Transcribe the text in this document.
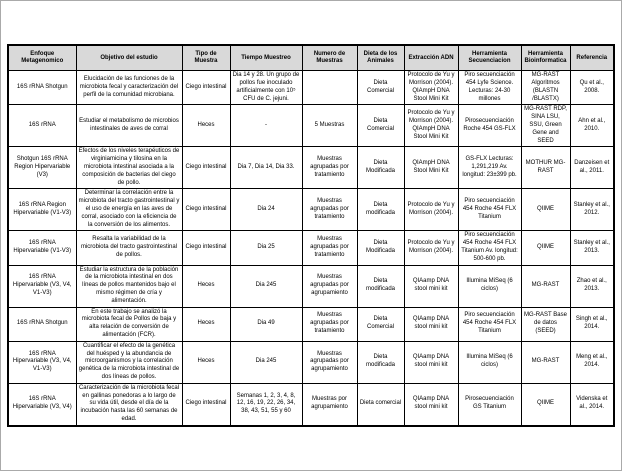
Enfoque Metagenomico	Objetivo del estudio	Tipo de Muestra	Tiempo Muestreo	Numero de Muestras	Dieta de los Animales	Extracción ADN	Herramienta Secuenciacion	Herramienta Bioinformatica	Referencia
16S rRNA Shotgun	Elucidación de las funciones de la microbiota fecal y caracterización del perfil de la comunidad microbiana.	Ciego intestinal	Dia 14 y 28. Un grupo de pollos fue inoculado artificialmente con 10⁵ CFU de C. jejuni.		Dieta Comercial	Protocolo de Yu y Morrison (2004). QIAmpH DNA Stool Mini Kit	Piro secuenciación 454 Lyfe Science. Lecturas: 24-30 millones	MG-RAST Algoritmos (BLASTN /BLASTX)	Qu et al., 2008.
16S rRNA	Estudiar el metabolismo de microbios intestinales de aves de corral	Heces	-	5 Muestras	Dieta Comercial	Protocolo de Yu y Morrison (2004). QIAmpH DNA Stool Mini Kit	Pirosecuenciación Roche 454 GS-FLX	MG-RAST RDP, SINA LSU, SSU, Green Gene and SEED	Ahn et al., 2010.
Shotgun 16S rRNA Region Hipervariable (V3)	Efectos de los niveles terapéuticos de virginiamicina y tilosina en la microbiota intestinal asociada a la composición de bacterias del ciego de pollo.	Ciego intestinal	Dia 7, Dia 14, Dia 33.	Muestras agrupadas por tratamiento	Dieta Modificada	QIAmpH DNA Stool Mini Kit	GS-FLX Lecturas: 1,291,219 Av. longitud: 23±399 pb.	MOTHUR MG-RAST	Danzeisen et al., 2011.
16S rRNA Region Hipervariable (V1-V3)	Determinar la correlación entre la microbiota del tracto gastrointestinal y el uso de energía en las aves de corral, asociado con la eficiencia de la conversión de los alimentos.	Ciego intestinal	Dia 24	Muestras agrupadas por tratamiento	Dieta modificada	Protocolo de Yu y Morrison (2004).	Piro secuenciación 454 Roche 454 FLX Titanium	QIIME	Stanley et al., 2012.
16S rRNA Hipervariable (V1-V3)	Resalta la variabilidad de la microbiota del tracto gastrointestinal de pollos.	Ciego intestinal	Dia 25	Muestras agrupadas por tratamiento	Dieta Modificada	Protocolo de Yu y Morrison (2004).	Piro secuenciación 454 Roche 454 FLX Titanium Av. longitud: 500-600 pb.	QIIME	Stanley et al., 2013.
16S rRNA Hipervariable (V3, V4, V1-V3)	Estudiar la estructura de la población de la microbiota intestinal en dos líneas de pollos mantenidos bajo el mismo régimen de cría y alimentación.	Heces	Dia 245	Muestras agrupadas por agrupamiento	Dieta modificada	QIAamp DNA stool mini kit	Illumina MiSeq (6 ciclos)	MG-RAST	Zhao et al., 2013.
16S rRNA Shotgun	En este trabajo se analizó la microbiota fecal de Pollos de baja y alta relación de conversión de alimentación (FCR).	Heces	Dia 49	Muestras agrupadas por tratamiento	Dieta Comercial	QIAamp DNA stool mini kit	Piro secuenciación 454 Roche 454 FLX Titanium	MG-RAST Base de datos (SEED)	Singh et al., 2014.
16S rRNA Hipervariable (V3, V4, V1-V3)	Cuantificar el efecto de la genética del huésped y la abundancia de microorganismos y la correlación genética de la microbiota intestinal de dos líneas de pollos.	Heces	Dia 245	Muestras agrupadas por agrupamiento	Dieta modificada	QIAamp DNA stool mini kit	Illumina MiSeq (6 ciclos)	MG-RAST	Meng et al., 2014.
16S rRNA Hipervariable (V3, V4)	Caracterización de la microbiota fecal en gallinas ponedoras a lo largo de su vida útil, desde el día de la incubación hasta las 60 semanas de edad.	Ciego intestinal	Semanas 1, 2, 3, 4, 8, 12, 16, 19, 22, 26, 34, 38, 43, 51, 55 y 60	Muestras por agrupamiento	Dieta comercial	QIAamp DNA stool mini kit	Pirosecuenciación GS Titanium	QIIME	Videnska et al., 2014.
